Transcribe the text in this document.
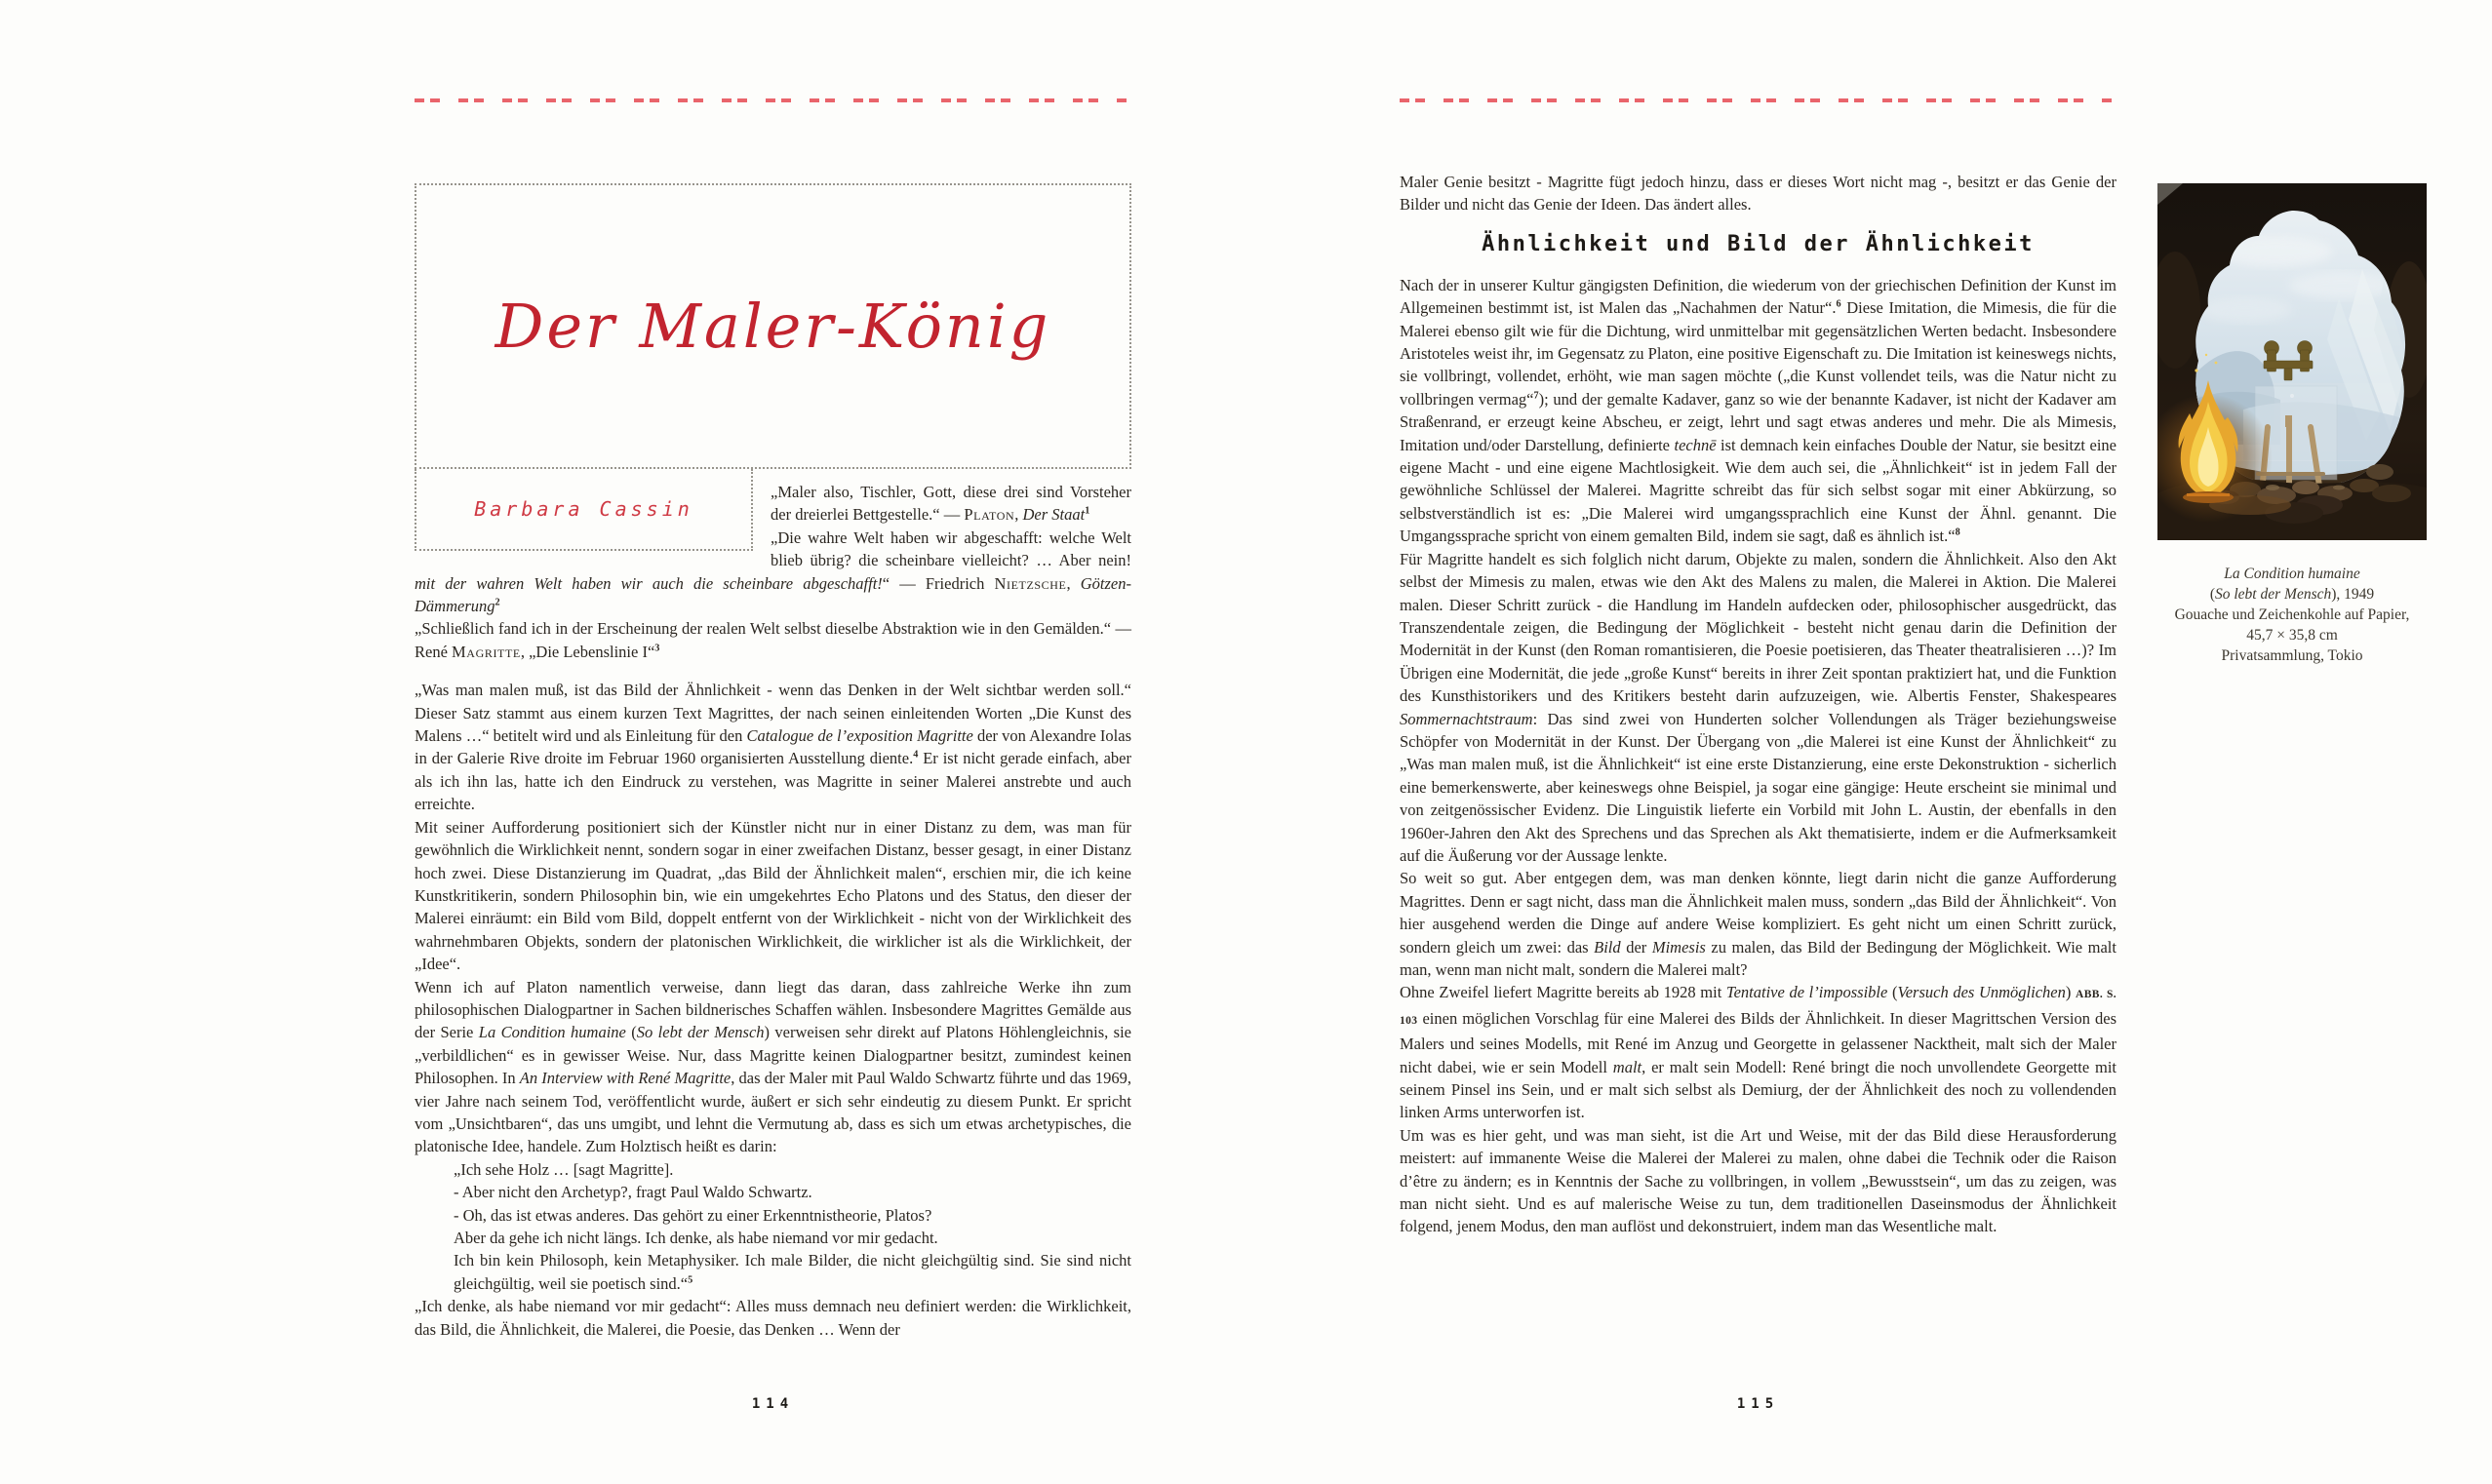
Der Maler-König
Barbara Cassin

„Maler also, Tischler, Gott, diese drei sind Vorsteher der dreierlei Bettgestelle.“ — Platon, Der Staat$^1$

„Die wahre Welt haben wir abgeschafft: welche Welt blieb übrig? die scheinbare vielleicht? … Aber nein! mit der wahren Welt haben wir auch die scheinbare abgeschafft!“ — Friedrich Nietzsche, Götzen-Dämmerung$^2$

„Schließlich fand ich in der Erscheinung der realen Welt selbst dieselbe Abstraktion wie in den Gemälden.“ — René Magritte, „Die Lebenslinie I“$^3$

„Was man malen muß, ist das Bild der Ähnlichkeit - wenn das Denken in der Welt sichtbar werden soll.“ Dieser Satz stammt aus einem kurzen Text Magrittes, der nach seinen einleitenden Worten „Die Kunst des Malens …“ betitelt wird und als Einleitung für den Catalogue de l’exposition Magritte der von Alexandre Iolas in der Galerie Rive droite im Februar 1960 organisierten Ausstellung diente.$^4$ Er ist nicht gerade einfach, aber als ich ihn las, hatte ich den Eindruck zu verstehen, was Magritte in seiner Malerei anstrebte und auch erreichte.

Mit seiner Aufforderung positioniert sich der Künstler nicht nur in einer Distanz zu dem, was man für gewöhnlich die Wirklichkeit nennt, sondern sogar in einer zweifachen Distanz, besser gesagt, in einer Distanz hoch zwei. Diese Distanzierung im Quadrat, „das Bild der Ähnlichkeit malen“, erschien mir, die ich keine Kunstkritikerin, sondern Philosophin bin, wie ein umgekehrtes Echo Platons und des Status, den dieser der Malerei einräumt: ein Bild vom Bild, doppelt entfernt von der Wirklichkeit - nicht von der Wirklichkeit des wahrnehmbaren Objekts, sondern der platonischen Wirklichkeit, die wirklicher ist als die Wirklichkeit, der „Idee“.

Wenn ich auf Platon namentlich verweise, dann liegt das daran, dass zahlreiche Werke ihn zum philosophischen Dialogpartner in Sachen bildnerisches Schaffen wählen. Insbesondere Magrittes Gemälde aus der Serie La Condition humaine (So lebt der Mensch) verweisen sehr direkt auf Platons Höhlengleichnis, sie „verbildlichen“ es in gewisser Weise. Nur, dass Magritte keinen Dialogpartner besitzt, zumindest keinen Philosophen. In An Interview with René Magritte, das der Maler mit Paul Waldo Schwartz führte und das 1969, vier Jahre nach seinem Tod, veröffentlicht wurde, äußert er sich sehr eindeutig zu diesem Punkt. Er spricht vom „Unsichtbaren“, das uns umgibt, und lehnt die Vermutung ab, dass es sich um etwas archetypisches, die platonische Idee, handele. Zum Holztisch heißt es darin:

„Ich sehe Holz … [sagt Magritte].
- Aber nicht den Archetyp?, fragt Paul Waldo Schwartz.
- Oh, das ist etwas anderes. Das gehört zu einer Erkenntnistheorie, Platos?
Aber da gehe ich nicht längs. Ich denke, als habe niemand vor mir gedacht.
Ich bin kein Philosoph, kein Metaphysiker. Ich male Bilder, die nicht gleichgültig sind. Sie sind nicht gleichgültig, weil sie poetisch sind.“$^5$

„Ich denke, als habe niemand vor mir gedacht“: Alles muss demnach neu definiert werden: die Wirklichkeit, das Bild, die Ähnlichkeit, die Malerei, die Poesie, das Denken … Wenn der

114

Maler Genie besitzt - Magritte fügt jedoch hinzu, dass er dieses Wort nicht mag -, besitzt er das Genie der Bilder und nicht das Genie der Ideen. Das ändert alles.

Ähnlichkeit und Bild der Ähnlichkeit

Nach der in unserer Kultur gängigsten Definition, die wiederum von der griechischen Definition der Kunst im Allgemeinen bestimmt ist, ist Malen das „Nachahmen der Natur“.$^6$ Diese Imitation, die Mimesis, die für die Malerei ebenso gilt wie für die Dichtung, wird unmittelbar mit gegensätzlichen Werten bedacht. Insbesondere Aristoteles weist ihr, im Gegensatz zu Platon, eine positive Eigenschaft zu. Die Imitation ist keineswegs nichts, sie vollbringt, vollendet, erhöht, wie man sagen möchte („die Kunst vollendet teils, was die Natur nicht zu vollbringen vermag“$^7$); und der gemalte Kadaver, ganz so wie der benannte Kadaver, ist nicht der Kadaver am Straßenrand, er erzeugt keine Abscheu, er zeigt, lehrt und sagt etwas anderes und mehr. Die als Mimesis, Imitation und/oder Darstellung, definierte technē ist demnach kein einfaches Double der Natur, sie besitzt eine eigene Macht - und eine eigene Machtlosigkeit. Wie dem auch sei, die „Ähnlichkeit“ ist in jedem Fall der gewöhnliche Schlüssel der Malerei. Magritte schreibt das für sich selbst sogar mit einer Abkürzung, so selbstverständlich ist es: „Die Malerei wird umgangssprachlich eine Kunst der Ähnl. genannt. Die Umgangssprache spricht von einem gemalten Bild, indem sie sagt, daß es ähnlich ist.“$^8$

Für Magritte handelt es sich folglich nicht darum, Objekte zu malen, sondern die Ähnlichkeit. Also den Akt selbst der Mimesis zu malen, etwas wie den Akt des Malens zu malen, die Malerei in Aktion. Die Malerei malen. Dieser Schritt zurück - die Handlung im Handeln aufdecken oder, philosophischer ausgedrückt, das Transzendentale zeigen, die Bedingung der Möglichkeit - besteht nicht genau darin die Definition der Modernität in der Kunst (den Roman romantisieren, die Poesie poetisieren, das Theater theatralisieren …)? Im Übrigen eine Modernität, die jede „große Kunst“ bereits in ihrer Zeit spontan praktiziert hat, und die Funktion des Kunsthistorikers und des Kritikers besteht darin aufzuzeigen, wie. Albertis Fenster, Shakespeares Sommernachtstraum: Das sind zwei von Hunderten solcher Vollendungen als Träger beziehungsweise Schöpfer von Modernität in der Kunst. Der Übergang von „die Malerei ist eine Kunst der Ähnlichkeit“ zu „Was man malen muß, ist die Ähnlichkeit“ ist eine erste Distanzierung, eine erste Dekonstruktion - sicherlich eine bemerkenswerte, aber keineswegs ohne Beispiel, ja sogar eine gängige: Heute erscheint sie minimal und von zeitgenössischer Evidenz. Die Linguistik lieferte ein Vorbild mit John L. Austin, der ebenfalls in den 1960er-Jahren den Akt des Sprechens und das Sprechen als Akt thematisierte, indem er die Aufmerksamkeit auf die Äußerung vor der Aussage lenkte.

So weit so gut. Aber entgegen dem, was man denken könnte, liegt darin nicht die ganze Aufforderung Magrittes. Denn er sagt nicht, dass man die Ähnlichkeit malen muss, sondern „das Bild der Ähnlichkeit“. Von hier ausgehend werden die Dinge auf andere Weise kompliziert. Es geht nicht um einen Schritt zurück, sondern gleich um zwei: das Bild der Mimesis zu malen, das Bild der Bedingung der Möglichkeit. Wie malt man, wenn man nicht malt, sondern die Malerei malt?

Ohne Zweifel liefert Magritte bereits ab 1928 mit Tentative de l’impossible (Versuch des Unmöglichen) ABB. S. 103 einen möglichen Vorschlag für eine Malerei des Bilds der Ähnlichkeit. In dieser Magrittschen Version des Malers und seines Modells, mit René im Anzug und Georgette in gelassener Nacktheit, malt sich der Maler nicht dabei, wie er sein Modell malt, er malt sein Modell: René bringt die noch unvollendete Georgette mit seinem Pinsel ins Sein, und er malt sich selbst als Demiurg, der der Ähnlichkeit des noch zu vollendenden linken Arms unterworfen ist.

Um was es hier geht, und was man sieht, ist die Art und Weise, mit der das Bild diese Herausforderung meistert: auf immanente Weise die Malerei der Malerei zu malen, ohne dabei die Technik oder die Raison d’être zu ändern; es in Kenntnis der Sache zu vollbringen, in vollem „Bewusstsein“, um das zu zeigen, was man nicht sieht. Und es auf malerische Weise zu tun, dem traditionellen Daseinsmodus der Ähnlichkeit folgend, jenem Modus, den man auflöst und dekonstruiert, indem man das Wesentliche malt.

115
La Condition humaine
(So lebt der Mensch), 1949
Gouache und Zeichenkohle auf Papier,
45,7 × 35,8 cm
Privatsammlung, Tokio
